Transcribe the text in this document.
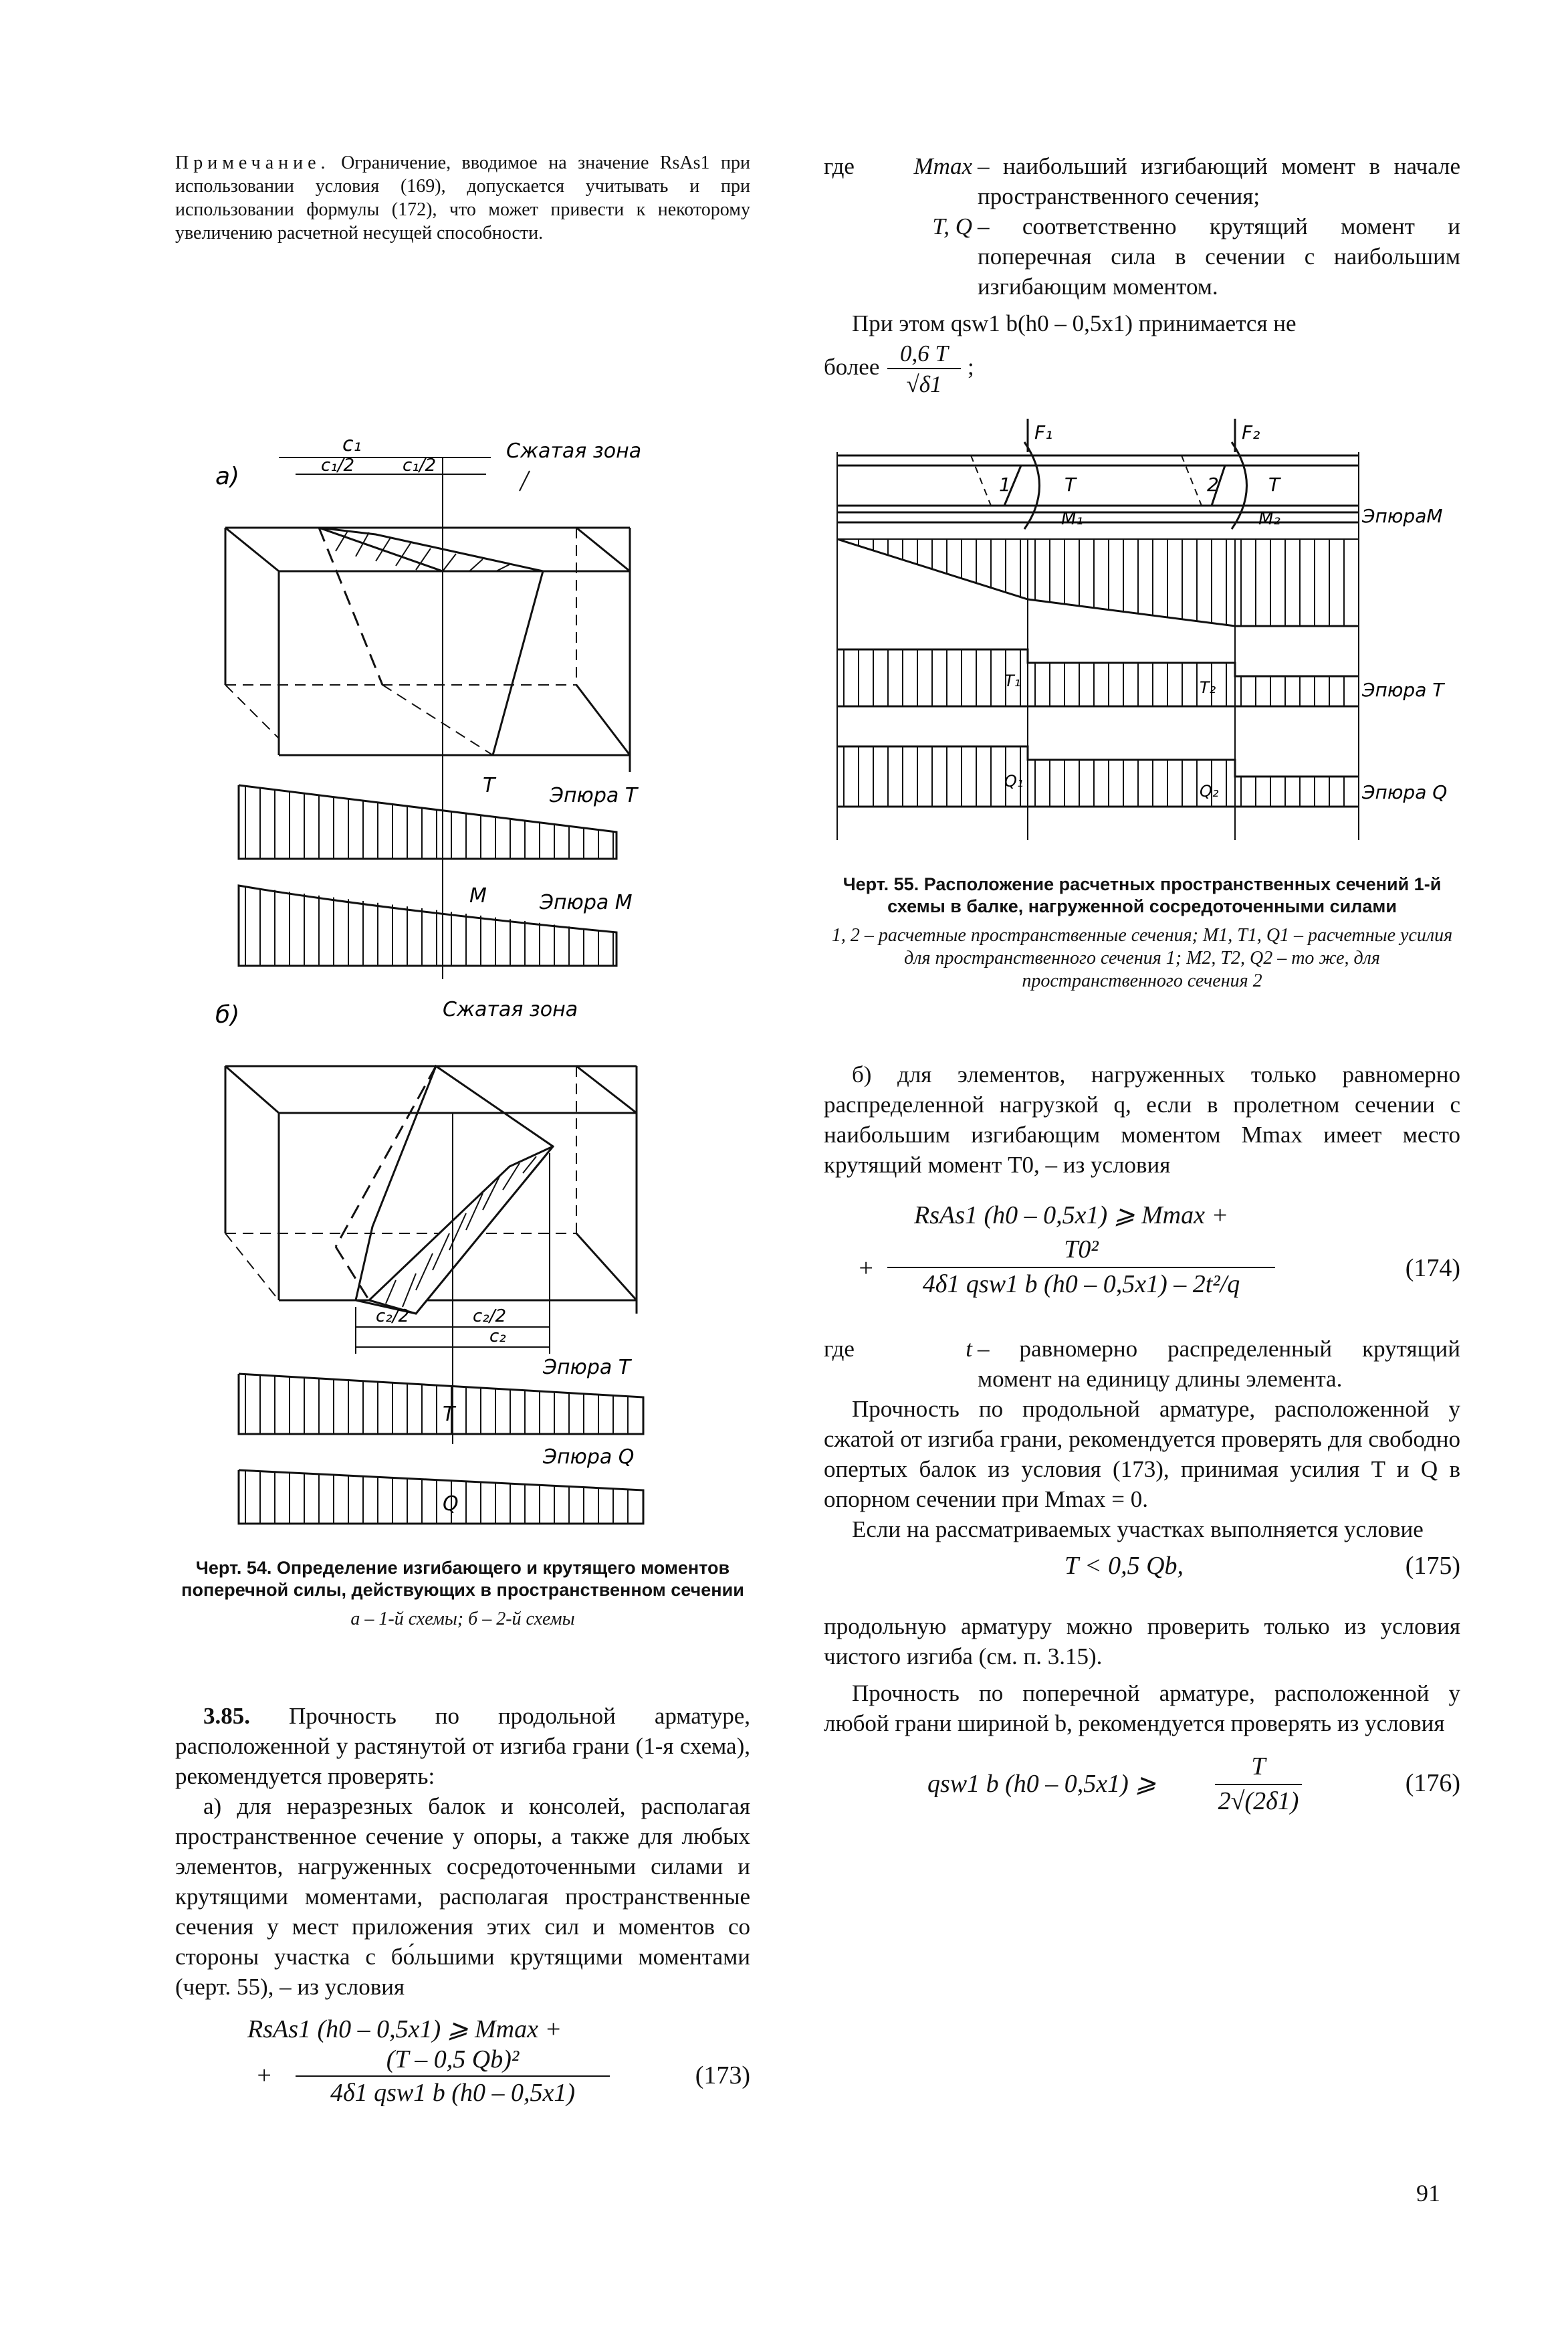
Примечание. Ограничение, вводимое на значение RsAs1 при использовании условия (169), допускается учитывать и при использовании формулы (172), что может привести к некоторому увеличению расчетной несущей способности.

а)
c₁
c₁/2	c₁/2
Сжатая зона
T	Эпюра T
M	Эпюра M
б)	Сжатая зона
c₂/2	c₂/2
c₂
Эпюра T
T
Эпюра Q
Q

Черт. 54. Определение изгибающего и крутящего моментов поперечной силы, действующих в пространственном сечении

а – 1-й схемы; б – 2-й схемы

3.85. Прочность по продольной арматуре, расположенной у растянутой от изгиба грани (1-я схема), рекомендуется проверять:

а) для неразрезных балок и консолей, располагая пространственное сечение у опоры, а также для любых элементов, нагруженных сосредоточенными силами и крутящими моментами, располагая пространственные сечения у мест приложения этих сил и моментов со стороны участка с бо́льшими крутящими моментами (черт. 55), – из условия

RsAs1 (h0 – 0,5x1) ⩾ Mmax +
+
(T – 0,5 Qb)²
4δ1 qsw1 b (h0 – 0,5x1)
(173)
где	Mmax – наибольший изгибающий момент в начале пространственного сечения;
T, Q – соответственно крутящий момент и поперечная сила в сечении с наибольшим изгибающим моментом.

При этом qsw1 b(h0 – 0,5x1) принимается не

более
0,6 T
√δ1
;
F₁	F₂
1	2
T	T
M₁	M₂	ЭпюраM
T₁	T₂	Эпюра T
Q₁
Q₂	Эпюра Q

Черт. 55. Расположение расчетных пространственных сечений 1-й схемы в балке, нагруженной сосредоточенными силами

1, 2 – расчетные пространственные сечения; M1, T1, Q1 – расчетные усилия для пространственного сечения 1; M2, T2, Q2 – то же, для пространственного сечения 2

б) для элементов, нагруженных только равномерно распределенной нагрузкой q, если в пролетном сечении с наибольшим изгибающим моментом Mmax имеет место крутящий момент T0, – из условия

RsAs1 (h0 – 0,5x1) ⩾ Mmax +
+
T0²
4δ1 qsw1 b (h0 – 0,5x1) – 2t²/q
(174)
где	t – равномерно распределенный крутящий момент на единицу длины элемента.

Прочность по продольной арматуре, расположенной у сжатой от изгиба грани, рекомендуется проверять для свободно опертых балок из условия (173), принимая усилия T и Q в опорном сечении при Mmax = 0.

Если на рассматриваемых участках выполняется условие

T < 0,5 Qb,	(175)

продольную арматуру можно проверить только из условия чистого изгиба (см. п. 3.15).

Прочность по поперечной арматуре, расположенной у любой грани шириной b, рекомендуется проверять из условия

qsw1 b (h0 – 0,5x1) ⩾
T
2√(2δ1)
(176)
91
